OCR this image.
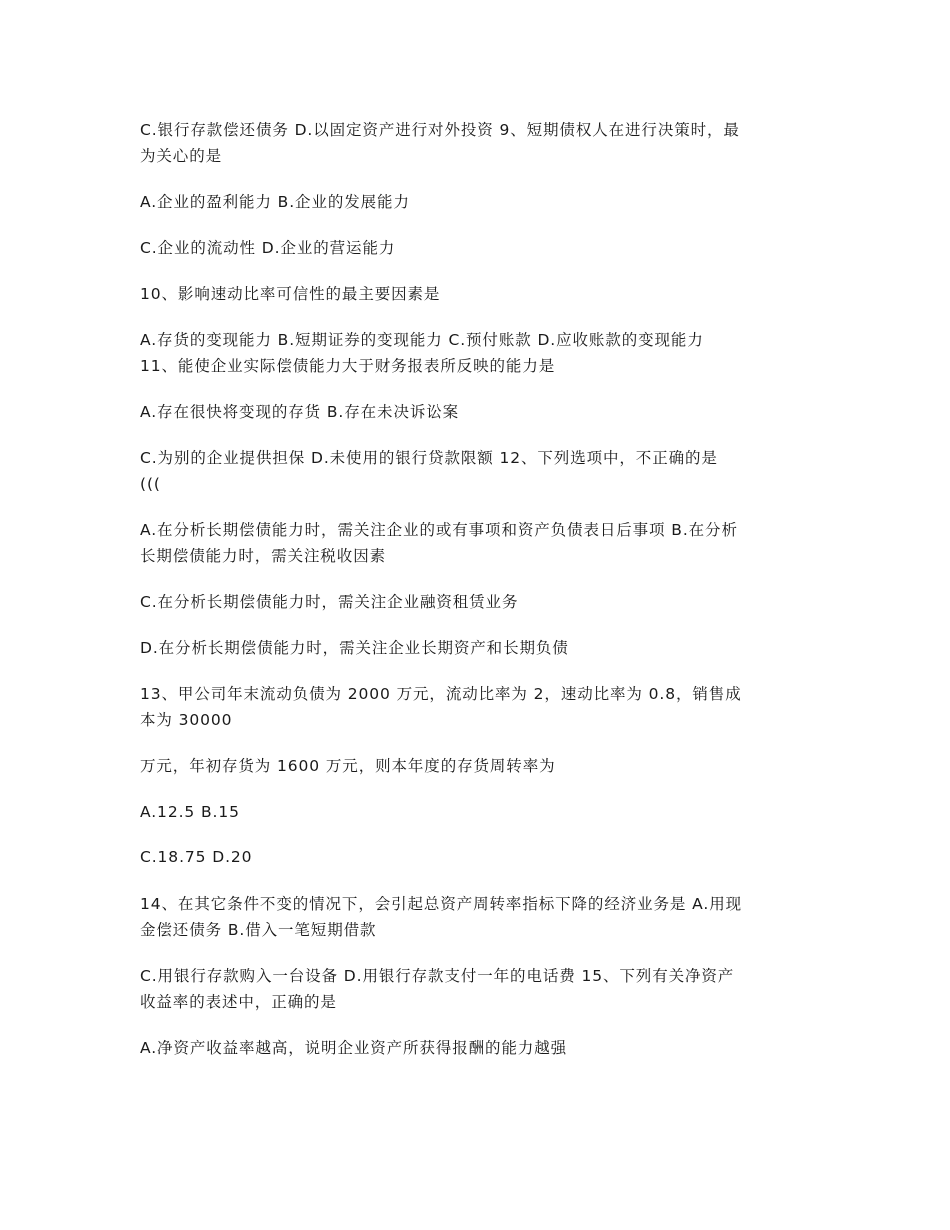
C.银行存款偿还债务 D.以固定资产进行对外投资 9、短期债权人在进行决策时，最
为关心的是
A.企业的盈利能力 B.企业的发展能力
C.企业的流动性 D.企业的营运能力
10、影响速动比率可信性的最主要因素是
A.存货的变现能力 B.短期证券的变现能力 C.预付账款 D.应收账款的变现能力
11、能使企业实际偿债能力大于财务报表所反映的能力是
A.存在很快将变现的存货 B.存在未决诉讼案
C.为别的企业提供担保 D.未使用的银行贷款限额 12、下列选项中，不正确的是
(((
A.在分析长期偿债能力时，需关注企业的或有事项和资产负债表日后事项 B.在分析
长期偿债能力时，需关注税收因素
C.在分析长期偿债能力时，需关注企业融资租赁业务
D.在分析长期偿债能力时，需关注企业长期资产和长期负债
13、甲公司年末流动负债为 2000 万元，流动比率为 2，速动比率为 0.8，销售成
本为 30000
万元，年初存货为 1600 万元，则本年度的存货周转率为
A.12.5 B.15
C.18.75 D.20
14、在其它条件不变的情况下，会引起总资产周转率指标下降的经济业务是 A.用现
金偿还债务 B.借入一笔短期借款
C.用银行存款购入一台设备 D.用银行存款支付一年的电话费 15、下列有关净资产
收益率的表述中，正确的是
A.净资产收益率越高，说明企业资产所获得报酬的能力越强
